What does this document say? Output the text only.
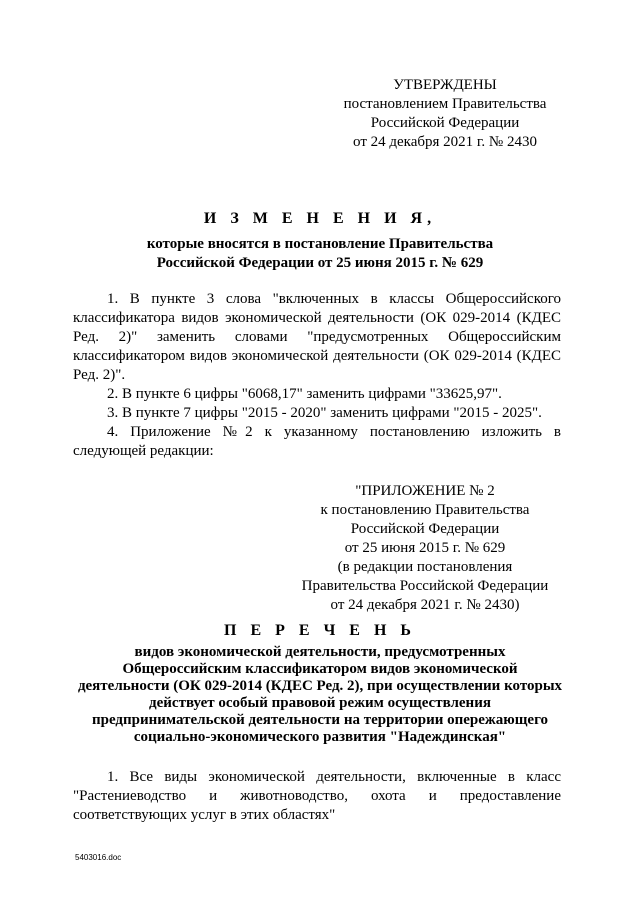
УТВЕРЖДЕНЫ
постановлением Правительства
Российской Федерации
от 24 декабря 2021 г. № 2430
И З М Е Н Е Н И Я,
которые вносятся в постановление Правительства
Российской Федерации от 25 июня 2015 г. № 629

1. В пункте 3 слова "включенных в классы Общероссийского классификатора видов экономической деятельности (ОК 029-2014 (КДЕС Ред. 2)" заменить словами "предусмотренных Общероссийским классификатором видов экономической деятельности (ОК 029-2014 (КДЕС Ред. 2)".

2. В пункте 6 цифры "6068,17" заменить цифрами "33625,97".

3. В пункте 7 цифры "2015 - 2020" заменить цифрами "2015 - 2025".

4. Приложение №2 к указанному постановлению изложить в следующей редакции:

"ПРИЛОЖЕНИЕ № 2
к постановлению Правительства
Российской Федерации
от 25 июня 2015 г. № 629
(в редакции постановления
Правительства Российской Федерации
от 24 декабря 2021 г. № 2430)
П Е Р Е Ч Е Н Ь
видов экономической деятельности, предусмотренных
Общероссийским классификатором видов экономической
деятельности (ОК 029-2014 (КДЕС Ред. 2), при осуществлении которых
действует особый правовой режим осуществления
предпринимательской деятельности на территории опережающего
социально-экономического развития "Надеждинская"

1. Все виды экономической деятельности, включенные в класс "Растениеводство и животноводство, охота и предоставление соответствующих услуг в этих областях"

5403016.doc
